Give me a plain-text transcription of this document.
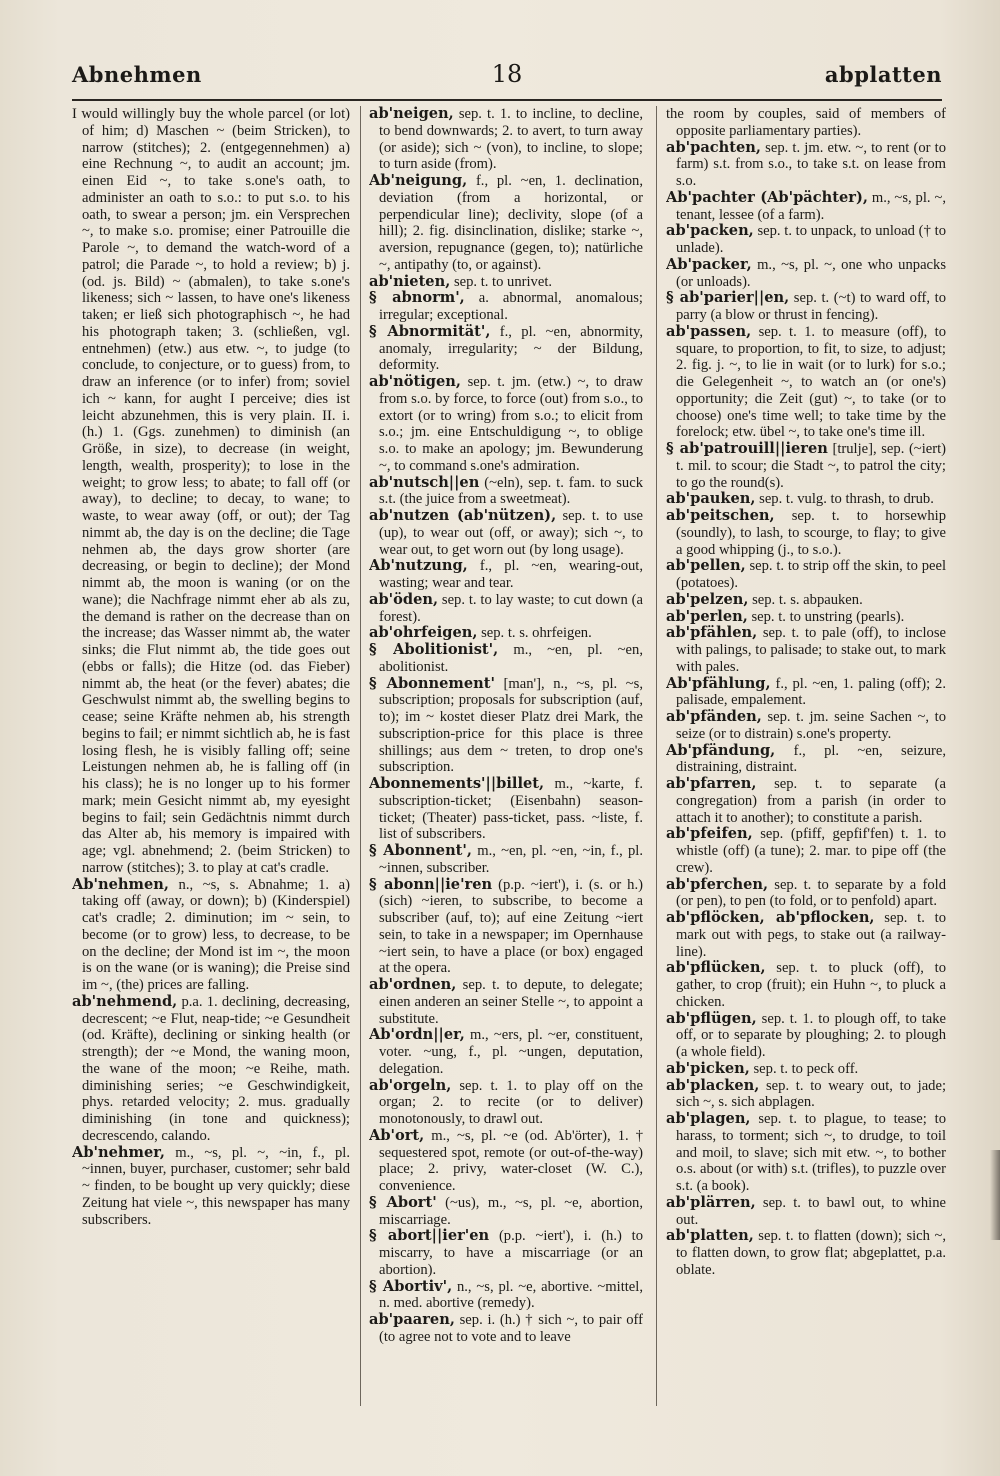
Abnehmen	18	abplatten

I would willingly buy the whole parcel (or lot) of him; d) Maschen ~ (beim Stricken), to narrow (stitches); 2. (entgegennehmen) a) eine Rechnung ~, to audit an account; jm. einen Eid ~, to take s.one's oath, to administer an oath to s.o.: to put s.o. to his oath, to swear a person; jm. ein Versprechen ~, to make s.o. promise; einer Patrouille die Parole ~, to demand the watch-word of a patrol; die Parade ~, to hold a review; b) j. (od. js. Bild) ~ (abmalen), to take s.one's likeness; sich ~ lassen, to have one's likeness taken; er ließ sich photographisch ~, he had his photograph taken; 3. (schließen, vgl. entnehmen) (etw.) aus etw. ~, to judge (to conclude, to conjecture, or to guess) from, to draw an inference (or to infer) from; soviel ich ~ kann, for aught I perceive; dies ist leicht abzunehmen, this is very plain. II. i. (h.) 1. (Ggs. zunehmen) to diminish (an Größe, in size), to decrease (in weight, length, wealth, prosperity); to lose in the weight; to grow less; to abate; to fall off (or away), to decline; to decay, to wane; to waste, to wear away (off, or out); der Tag nimmt ab, the day is on the decline; die Tage nehmen ab, the days grow shorter (are decreasing, or begin to decline); der Mond nimmt ab, the moon is waning (or on the wane); die Nachfrage nimmt eher ab als zu, the demand is rather on the decrease than on the increase; das Wasser nimmt ab, the water sinks; die Flut nimmt ab, the tide goes out (ebbs or falls); die Hitze (od. das Fieber) nimmt ab, the heat (or the fever) abates; die Geschwulst nimmt ab, the swelling begins to cease; seine Kräfte nehmen ab, his strength begins to fail; er nimmt sichtlich ab, he is fast losing flesh, he is visibly falling off; seine Leistungen nehmen ab, he is falling off (in his class); he is no longer up to his former mark; mein Gesicht nimmt ab, my eyesight begins to fail; sein Gedächtnis nimmt durch das Alter ab, his memory is impaired with age; vgl. abnehmend; 2. (beim Stricken) to narrow (stitches); 3. to play at cat's cradle.

Ab'nehmen, n., ~s, s. Abnahme; 1. a) taking off (away, or down); b) (Kinderspiel) cat's cradle; 2. diminution; im ~ sein, to become (or to grow) less, to decrease, to be on the decline; der Mond ist im ~, the moon is on the wane (or is waning); die Preise sind im ~, (the) prices are falling.

ab'nehmend, p.a. 1. declining, decreasing, decrescent; ~e Flut, neap-tide; ~e Gesundheit (od. Kräfte), declining or sinking health (or strength); der ~e Mond, the waning moon, the wane of the moon; ~e Reihe, math. diminishing series; ~e Geschwindigkeit, phys. retarded velocity; 2. mus. gradually diminishing (in tone and quickness); decrescendo, calando.

Ab'nehmer, m., ~s, pl. ~, ~in, f., pl. ~innen, buyer, purchaser, customer; sehr bald ~ finden, to be bought up very quickly; diese Zeitung hat viele ~, this newspaper has many subscribers.

ab'neigen, sep. t. 1. to incline, to decline, to bend downwards; 2. to avert, to turn away (or aside); sich ~ (von), to incline, to slope; to turn aside (from).

Ab'neigung, f., pl. ~en, 1. declination, deviation (from a horizontal, or perpendicular line); declivity, slope (of a hill); 2. fig. disinclination, dislike; starke ~, aversion, repugnance (gegen, to); natürliche ~, antipathy (to, or against).

ab'nieten, sep. t. to unrivet.

§ abnorm', a. abnormal, anomalous; irregular; exceptional.

§ Abnormität', f., pl. ~en, abnormity, anomaly, irregularity; ~ der Bildung, deformity.

ab'nötigen, sep. t. jm. (etw.) ~, to draw from s.o. by force, to force (out) from s.o., to extort (or to wring) from s.o.; to elicit from s.o.; jm. eine Entschuldigung ~, to oblige s.o. to make an apology; jm. Bewunderung ~, to command s.one's admiration.

ab'nutsch||en (~eln), sep. t. fam. to suck s.t. (the juice from a sweetmeat).

ab'nutzen (ab'nützen), sep. t. to use (up), to wear out (off, or away); sich ~, to wear out, to get worn out (by long usage).

Ab'nutzung, f., pl. ~en, wearing-out, wasting; wear and tear.

ab'öden, sep. t. to lay waste; to cut down (a forest).

ab'ohrfeigen, sep. t. s. ohrfeigen.

§ Abolitionist', m., ~en, pl. ~en, abolitionist.

§ Abonnement' [man'], n., ~s, pl. ~s, subscription; proposals for subscription (auf, to); im ~ kostet dieser Platz drei Mark, the subscription-price for this place is three shillings; aus dem ~ treten, to drop one's subscription.

Abonnements'||billet, m., ~karte, f. subscription-ticket; (Eisenbahn) season-ticket; (Theater) pass-ticket, pass. ~liste, f. list of subscribers.

§ Abonnent', m., ~en, pl. ~en, ~in, f., pl. ~innen, subscriber.

§ abonn||ie'ren (p.p. ~iert'), i. (s. or h.) (sich) ~ieren, to subscribe, to become a subscriber (auf, to); auf eine Zeitung ~iert sein, to take in a newspaper; im Opernhause ~iert sein, to have a place (or box) engaged at the opera.

ab'ordnen, sep. t. to depute, to delegate; einen anderen an seiner Stelle ~, to appoint a substitute.

Ab'ordn||er, m., ~ers, pl. ~er, constituent, voter. ~ung, f., pl. ~ungen, deputation, delegation.

ab'orgeln, sep. t. 1. to play off on the organ; 2. to recite (or to deliver) monotonously, to drawl out.

Ab'ort, m., ~s, pl. ~e (od. Ab'örter), 1. † sequestered spot, remote (or out-of-the-way) place; 2. privy, water-closet (W. C.), convenience.

§ Abort' (~us), m., ~s, pl. ~e, abortion, miscarriage.

§ abort||ier'en (p.p. ~iert'), i. (h.) to miscarry, to have a miscarriage (or an abortion).

§ Abortiv', n., ~s, pl. ~e, abortive. ~mittel, n. med. abortive (remedy).

ab'paaren, sep. i. (h.) † sich ~, to pair off (to agree not to vote and to leave

the room by couples, said of members of opposite parliamentary parties).

ab'pachten, sep. t. jm. etw. ~, to rent (or to farm) s.t. from s.o., to take s.t. on lease from s.o.

Ab'pachter (Ab'pächter), m., ~s, pl. ~, tenant, lessee (of a farm).

ab'packen, sep. t. to unpack, to unload († to unlade).

Ab'packer, m., ~s, pl. ~, one who unpacks (or unloads).

§ ab'parier||en, sep. t. (~t) to ward off, to parry (a blow or thrust in fencing).

ab'passen, sep. t. 1. to measure (off), to square, to proportion, to fit, to size, to adjust; 2. fig. j. ~, to lie in wait (or to lurk) for s.o.; die Gelegenheit ~, to watch an (or one's) opportunity; die Zeit (gut) ~, to take (or to choose) one's time well; to take time by the forelock; etw. übel ~, to take one's time ill.

§ ab'patrouill||ieren [trulje], sep. (~iert) t. mil. to scour; die Stadt ~, to patrol the city; to go the round(s).

ab'pauken, sep. t. vulg. to thrash, to drub.

ab'peitschen, sep. t. to horsewhip (soundly), to lash, to scourge, to flay; to give a good whipping (j., to s.o.).

ab'pellen, sep. t. to strip off the skin, to peel (potatoes).

ab'pelzen, sep. t. s. abpauken.

ab'perlen, sep. t. to unstring (pearls).

ab'pfählen, sep. t. to pale (off), to inclose with palings, to palisade; to stake out, to mark with pales.

Ab'pfählung, f., pl. ~en, 1. paling (off); 2. palisade, empalement.

ab'pfänden, sep. t. jm. seine Sachen ~, to seize (or to distrain) s.one's property.

Ab'pfändung, f., pl. ~en, seizure, distraining, distraint.

ab'pfarren, sep. t. to separate (a congregation) from a parish (in order to attach it to another); to constitute a parish.

ab'pfeifen, sep. (pfiff, gepfif'fen) t. 1. to whistle (off) (a tune); 2. mar. to pipe off (the crew).

ab'pferchen, sep. t. to separate by a fold (or pen), to pen (to fold, or to penfold) apart.

ab'pflöcken, ab'pflocken, sep. t. to mark out with pegs, to stake out (a railway-line).

ab'pflücken, sep. t. to pluck (off), to gather, to crop (fruit); ein Huhn ~, to pluck a chicken.

ab'pflügen, sep. t. 1. to plough off, to take off, or to separate by ploughing; 2. to plough (a whole field).

ab'picken, sep. t. to peck off.

ab'placken, sep. t. to weary out, to jade; sich ~, s. sich abplagen.

ab'plagen, sep. t. to plague, to tease; to harass, to torment; sich ~, to drudge, to toil and moil, to slave; sich mit etw. ~, to bother o.s. about (or with) s.t. (trifles), to puzzle over s.t. (a book).

ab'plärren, sep. t. to bawl out, to whine out.

ab'platten, sep. t. to flatten (down); sich ~, to flatten down, to grow flat; abgeplattet, p.a. oblate.
